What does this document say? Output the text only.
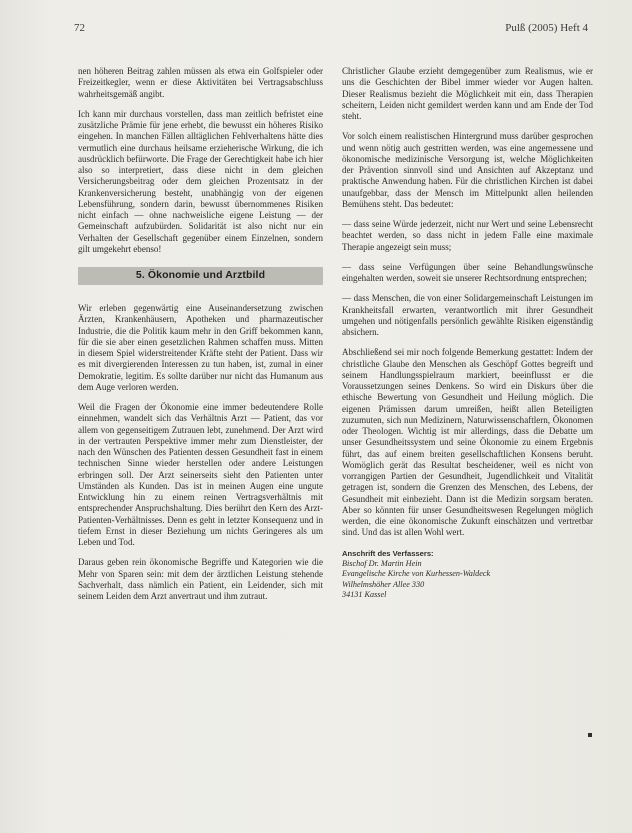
72	Pulß (2005) Heft 4

nen höheren Beitrag zahlen müssen als etwa ein Golfspieler oder Freizeitkegler, wenn er diese Aktivitäten bei Vertragsabschluss wahrheitsgemäß angibt.

Ich kann mir durchaus vorstellen, dass man zeitlich befristet eine zusätzliche Prämie für jene erhebt, die bewusst ein höheres Risiko eingehen. In manchen Fällen alltäglichen Fehlverhaltens hätte dies vermutlich eine durchaus heilsame erzieherische Wirkung, die ich ausdrücklich befürworte. Die Frage der Gerechtigkeit habe ich hier also so interpretiert, dass diese nicht in dem gleichen Versicherungsbeitrag oder dem gleichen Prozentsatz in der Krankenversicherung besteht, unabhängig von der eigenen Lebensführung, sondern darin, bewusst übernommenes Risiken nicht einfach — ohne nachweisliche eigene Leistung — der Gemeinschaft aufzubürden. Solidarität ist also nicht nur ein Verhalten der Gesellschaft gegenüber einem Einzelnen, sondern gilt umgekehrt ebenso!

5. Ökonomie und Arztbild

Wir erleben gegenwärtig eine Auseinandersetzung zwischen Ärzten, Krankenhäusern, Apotheken und pharmazeutischer Industrie, die die Politik kaum mehr in den Griff bekommen kann, für die sie aber einen gesetzlichen Rahmen schaffen muss. Mitten in diesem Spiel widerstreitender Kräfte steht der Patient. Dass wir es mit divergierenden Interessen zu tun haben, ist, zumal in einer Demokratie, legitim. Es sollte darüber nur nicht das Humanum aus dem Auge verloren werden.

Weil die Fragen der Ökonomie eine immer bedeutendere Rolle einnehmen, wandelt sich das Verhältnis Arzt — Patient, das vor allem von gegenseitigem Zutrauen lebt, zunehmend. Der Arzt wird in der vertrauten Perspektive immer mehr zum Dienstleister, der nach den Wünschen des Patienten dessen Gesundheit fast in einem technischen Sinne wieder herstellen oder andere Leistungen erbringen soll. Der Arzt seinerseits sieht den Patienten unter Umständen als Kunden. Das ist in meinen Augen eine ungute Entwicklung hin zu einem reinen Vertragsverhältnis mit entsprechender Anspruchshaltung. Dies berührt den Kern des Arzt-Patienten-Verhältnisses. Denn es geht in letzter Konsequenz und in tiefem Ernst in dieser Beziehung um nichts Geringeres als um Leben und Tod.

Daraus geben rein ökonomische Begriffe und Kategorien wie die Mehr von Sparen sein: mit dem der ärztlichen Leistung stehende Sachverhalt, dass nämlich ein Patient, ein Leidender, sich mit seinem Leiden dem Arzt anvertraut und ihm zutraut.

Christlicher Glaube erzieht demgegenüber zum Realismus, wie er uns die Geschichten der Bibel immer wieder vor Augen halten. Dieser Realismus bezieht die Möglichkeit mit ein, dass Therapien scheitern, Leiden nicht gemildert werden kann und am Ende der Tod steht.

Vor solch einem realistischen Hintergrund muss darüber gesprochen und wenn nötig auch gestritten werden, was eine angemessene und ökonomische medizinische Versorgung ist, welche Möglichkeiten der Prävention sinnvoll sind und Ansichten auf Akzeptanz und praktische Anwendung haben. Für die christlichen Kirchen ist dabei unaufgebbar, dass der Mensch im Mittelpunkt allen heilenden Bemühens steht. Das bedeutet:

— dass seine Würde jederzeit, nicht nur Wert und seine Lebensrecht beachtet werden, so dass nicht in jedem Falle eine maximale Therapie angezeigt sein muss;

— dass seine Verfügungen über seine Behandlungswünsche eingehalten werden, soweit sie unserer Rechtsordnung entsprechen;

— dass Menschen, die von einer Solidargemeinschaft Leistungen im Krankheitsfall erwarten, verantwortlich mit ihrer Gesundheit umgehen und nötigenfalls persönlich gewählte Risiken eigenständig absichern.

Abschließend sei mir noch folgende Bemerkung gestattet: Indem der christliche Glaube den Menschen als Geschöpf Gottes begreift und seinem Handlungsspielraum markiert, beeinflusst er die Voraussetzungen seines Denkens. So wird ein Diskurs über die ethische Bewertung von Gesundheit und Heilung möglich. Die eigenen Prämissen darum umreißen, heißt allen Beteiligten zuzumuten, sich nun Medizinern, Naturwissenschaftlern, Ökonomen oder Theologen. Wichtig ist mir allerdings, dass die Debatte um unser Gesundheitssystem und seine Ökonomie zu einem Ergebnis führt, das auf einem breiten gesellschaftlichen Konsens beruht. Womöglich gerät das Resultat bescheidener, weil es nicht von vorrangigen Partien der Gesundheit, Jugendlichkeit und Vitalität getragen ist, sondern die Grenzen des Menschen, des Lebens, der Gesundheit mit einbezieht. Dann ist die Medizin sorgsam beraten. Aber so könnten für unser Gesundheitswesen Regelungen möglich werden, die eine ökonomische Zukunft einschätzen und vertretbar sind. Und das ist allen Wohl wert.

Anschrift des Verfassers:
Bischof Dr. Martin Hein
Evangelische Kirche von Kurhessen-Waldeck
Wilhelmshöher Allee 330
34131 Kassel
